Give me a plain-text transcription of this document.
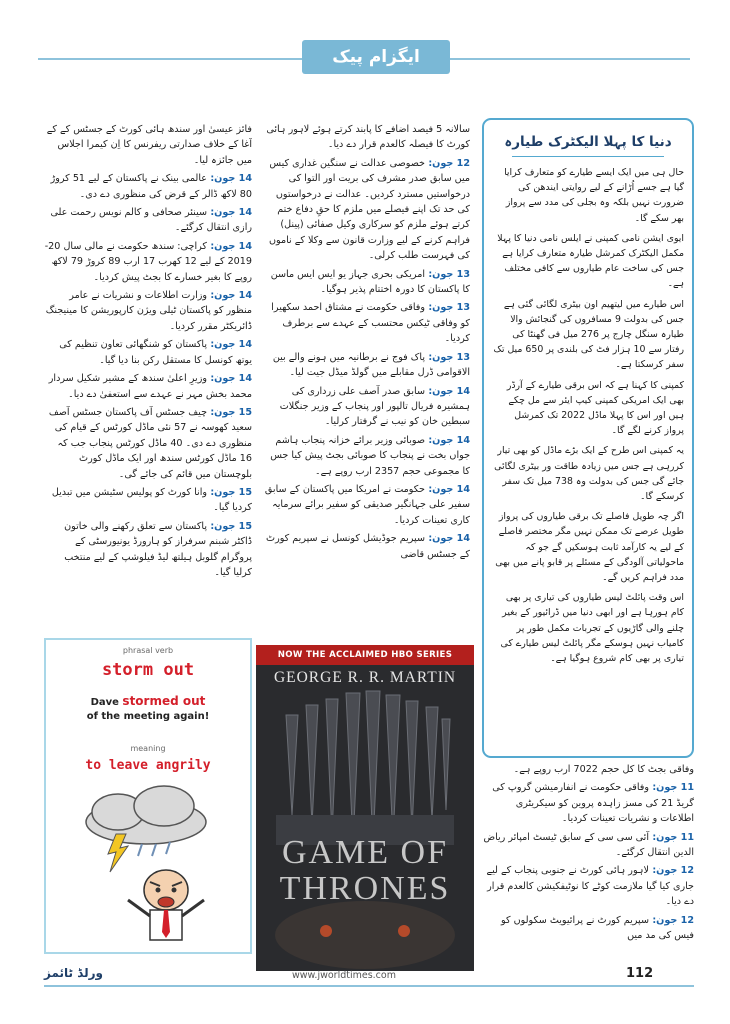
ایگزام پیک

سالانہ 5 فیصد اضافے کا پابند کرتے ہوئے لاہور ہائی کورٹ کا فیصلہ کالعدم قرار دے دیا۔

12 جون: خصوصی عدالت نے سنگین غداری کیس میں سابق صدر مشرف کی بریت اور التوا کی درخواستیں مسترد کردیں۔ عدالت نے درخواستوں کی حد تک اپنے فیصلے میں ملزم کا حقِ دفاع ختم کرتے ہوئے ملزم کو سرکاری وکیل صفائی (پینل) فراہم کرنے کے لیے وزارت قانون سے وکلا کے ناموں کی فہرست طلب کرلی۔

13 جون: امریکی بحری جہاز یو ایس ایس ماسن کا پاکستان کا دورہ اختتام پذیر ہوگیا۔

13 جون: وفاقی حکومت نے مشتاق احمد سکھیرا کو وفاقی ٹیکس محتسب کے عہدے سے برطرف کردیا۔

13 جون: پاک فوج نے برطانیہ میں ہونے والے بین الاقوامی ڈرل مقابلے میں گولڈ میڈل جیت لیا۔

14 جون: سابق صدر آصف علی زرداری کی ہمشیرہ فریال تالپور اور پنجاب کے وزیر جنگلات سبطین خان کو نیب نے گرفتار کرلیا۔

14 جون: صوبائی وزیر برائے خزانہ پنجاب ہاشم جواں بخت نے پنجاب کا صوبائی بجٹ پیش کیا جس کا مجموعی حجم 2357 ارب روپے ہے۔

14 جون: حکومت نے امریکا میں پاکستان کے سابق سفیر علی جہانگیر صدیقی کو سفیر برائے سرمایہ کاری تعینات کردیا۔

14 جون: سپریم جوڈیشل کونسل نے سپریم کورٹ کے جسٹس قاضی

فائز عیسیٰ اور سندھ ہائی کورٹ کے جسٹس کے کے آغا کے خلاف صدارتی ریفرنس کا اِن کیمرا اجلاس میں جائزہ لیا۔

14 جون: عالمی بینک نے پاکستان کے لیے 51 کروڑ 80 لاکھ ڈالر کے قرض کی منظوری دے دی۔

14 جون: سینئر صحافی و کالم نویس رحمت علی رازی انتقال کرگئے۔

14 جون: کراچی: سندھ حکومت نے مالی سال 20-2019 کے لیے 12 کھرب 17 ارب 89 کروڑ 79 لاکھ روپے کا بغیر خسارے کا بجٹ پیش کردیا۔

14 جون: وزارت اطلاعات و نشریات نے عامر منظور کو پاکستان ٹیلی ویژن کارپوریشن کا مینیجنگ ڈائریکٹر مقرر کردیا۔

14 جون: پاکستان کو شنگھائی تعاون تنظیم کی یوتھ کونسل کا مستقل رکن بنا دیا گیا۔

14 جون: وزیرِ اعلیٰ سندھ کے مشیر شکیل سردار محمد بخش مہر نے عہدے سے استعفیٰ دے دیا۔

15 جون: چیف جسٹس آف پاکستان جسٹس آصف سعید کھوسہ نے 57 نئی ماڈل کورٹس کے قیام کی منظوری دے دی۔ 40 ماڈل کورٹس پنجاب جب کہ 16 ماڈل کورٹس سندھ اور ایک ماڈل کورٹ بلوچستان میں قائم کی جائے گی۔

15 جون: وانا کورٹ کو پولیس سٹیشن میں تبدیل کردیا گیا۔

15 جون: پاکستان سے تعلق رکھنے والی خاتون ڈاکٹر شبنم سرفراز کو ہارورڈ یونیورسٹی کے پروگرام گلوبل ہیلتھ لیڈ فیلوشپ کے لیے منتخب کرلیا گیا۔

دنیا کا پہلا الیکٹرک طیارہ

حال ہی میں ایک ایسے طیارے کو متعارف کرایا گیا ہے جسے اُڑانے کے لیے روایتی ایندھن کی ضرورت نہیں بلکہ وہ بجلی کی مدد سے پرواز بھر سکے گا۔

ایوی ایشن نامی کمپنی نے ایلس نامی دنیا کا پہلا مکمل الیکٹرک کمرشل طیارہ متعارف کرایا ہے جس کی ساخت عام طیاروں سے کافی مختلف ہے۔

اس طیارے میں لیتھیم اون بیٹری لگائی گئی ہے جس کی بدولت 9 مسافروں کی گنجائش والا طیارہ سنگل چارج پر 276 میل فی گھنٹا کی رفتار سے 10 ہزار فٹ کی بلندی پر 650 میل تک سفر کرسکتا ہے۔

کمپنی کا کہنا ہے کہ اس برقی طیارے کے آرڈر بھی ایک امریکی کمپنی کیپ ایئر سے مل چکے ہیں اور اس کا پہلا ماڈل 2022 تک کمرشل پرواز کرنے لگے گا۔

یہ کمپنی اس طرح کے ایک بڑے ماڈل کو بھی تیار کررہی ہے جس میں زیادہ طاقت ور بیٹری لگائی جائے گی جس کی بدولت وہ 738 میل تک سفر کرسکے گا۔

اگر چہ طویل فاصلے تک برقی طیاروں کی پرواز طویل عرصے تک ممکن نہیں مگر مختصر فاصلے کے لیے یہ کارآمد ثابت ہوسکیں گے جو کہ ماحولیاتی آلودگی کے مسئلے پر قابو پانے میں بھی مدد فراہم کریں گے۔

اس وقت پائلٹ لیس طیاروں کی تیاری پر بھی کام ہورہا ہے اور ابھی دنیا میں ڈرائیور کے بغیر چلنے والی گاڑیوں کے تجربات مکمل طور پر کامیاب نہیں ہوسکے مگر پائلٹ لیس طیارے کی تیاری پر بھی کام شروع ہوگیا ہے۔

وفاقی بجٹ کا کل حجم 7022 ارب روپے ہے۔

11 جون: وفاقی حکومت نے انفارمیشن گروپ کی گریڈ 21 کی مسز زاہدہ پروین کو سیکریٹری اطلاعات و نشریات تعینات کردیا۔

11 جون: آئی سی سی کے سابق ٹیسٹ امپائر ریاض الدین انتقال کرگئے۔

12 جون: لاہور ہائی کورٹ نے جنوبی پنجاب کے لیے جاری کیا گیا ملازمت کوٹے کا نوٹیفکیشن کالعدم قرار دے دیا۔

12 جون: سپریم کورٹ نے پرائیویٹ سکولوں کو فیس کی مد میں

phrasal verb
storm out
Dave stormed out
of the meeting again!
meaning
to leave angrily
NOW THE ACCLAIMED HBO SERIES
GEORGE R. R. MARTIN
GAME OF
THRONES
ورلڈ ٹائمز	www.jworldtimes.com	112
